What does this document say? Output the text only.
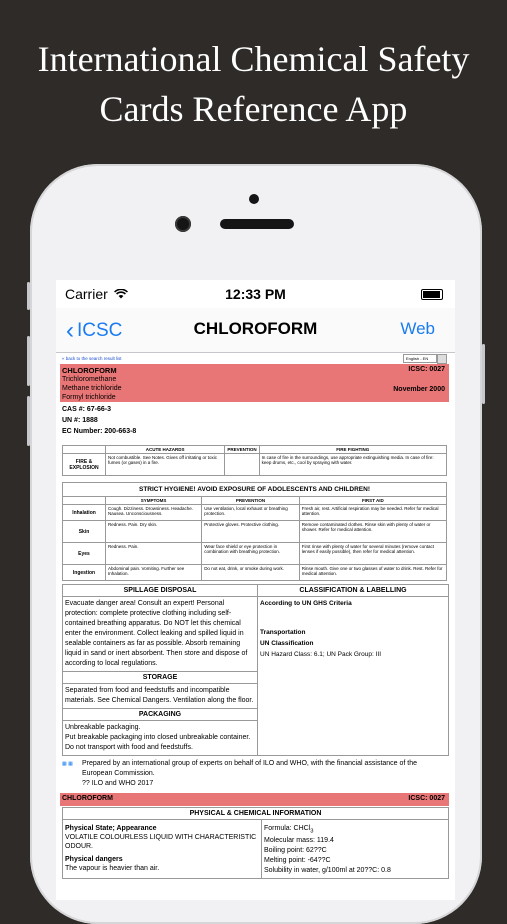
International Chemical Safety
Cards Reference App
Carrier	12:33 PM
‹ ICSC	CHLOROFORM	Web
« back to the search result list	English - EN
CHLOROFORM
Trichloromethane
Methane trichloride
Formyl trichloride
ICSC: 0027
November 2000
CAS #: 67-66-3
UN #: 1888
EC Number: 200-663-8
	ACUTE HAZARDS	PREVENTION	FIRE FIGHTING
FIRE & EXPLOSION	Not combustible. See Notes. Gives off irritating or toxic fumes (or gases) in a fire.		In case of fire in the surroundings, use appropriate extinguishing media. In case of fire: keep drums, etc., cool by spraying with water.
STRICT HYGIENE! AVOID EXPOSURE OF ADOLESCENTS AND CHILDREN!			
	SYMPTOMS	PREVENTION	FIRST AID
Inhalation	Cough. Dizziness. Drowsiness. Headache. Nausea. Unconsciousness.	Use ventilation, local exhaust or breathing protection.	Fresh air, rest. Artificial respiration may be needed. Refer for medical attention.
Skin	Redness. Pain. Dry skin.	Protective gloves. Protective clothing.	Remove contaminated clothes. Rinse skin with plenty of water or shower. Refer for medical attention.
Eyes	Redness. Pain.	Wear face shield or eye protection in combination with breathing protection.	First rinse with plenty of water for several minutes (remove contact lenses if easily possible), then refer for medical attention.
Ingestion	Abdominal pain. Vomiting. Further see Inhalation.	Do not eat, drink, or smoke during work.	Rinse mouth. Give one or two glasses of water to drink. Rest. Refer for medical attention.
SPILLAGE DISPOSAL
Evacuate danger area! Consult an expert! Personal protection: complete protective clothing including self-contained breathing apparatus. Do NOT let this chemical enter the environment. Collect leaking and spilled liquid in sealable containers as far as possible. Absorb remaining liquid in sand or inert absorbent. Then store and dispose of according to local regulations.
STORAGE
Separated from food and feedstuffs and incompatible materials. See Chemical Dangers. Ventilation along the floor.
PACKAGING
Unbreakable packaging.
Put breakable packaging into closed unbreakable container.
Do not transport with food and feedstuffs.
CLASSIFICATION & LABELLING
According to UN GHS Criteria
Transportation
UN Classification
UN Hazard Class: 6.1; UN Pack Group: III
▦ ▦	Prepared by an international group of experts on behalf of ILO and WHO, with the financial assistance of the European Commission.
?? ILO and WHO 2017
CHLOROFORM	ICSC: 0027
PHYSICAL & CHEMICAL INFORMATION
Physical State; Appearance
VOLATILE COLOURLESS LIQUID WITH CHARACTERISTIC ODOUR.
Physical dangers
The vapour is heavier than air.
Formula: CHCl$_3$
Molecular mass: 119.4
Boiling point: 62??C
Melting point: -64??C
Solubility in water, g/100ml at 20??C: 0.8
